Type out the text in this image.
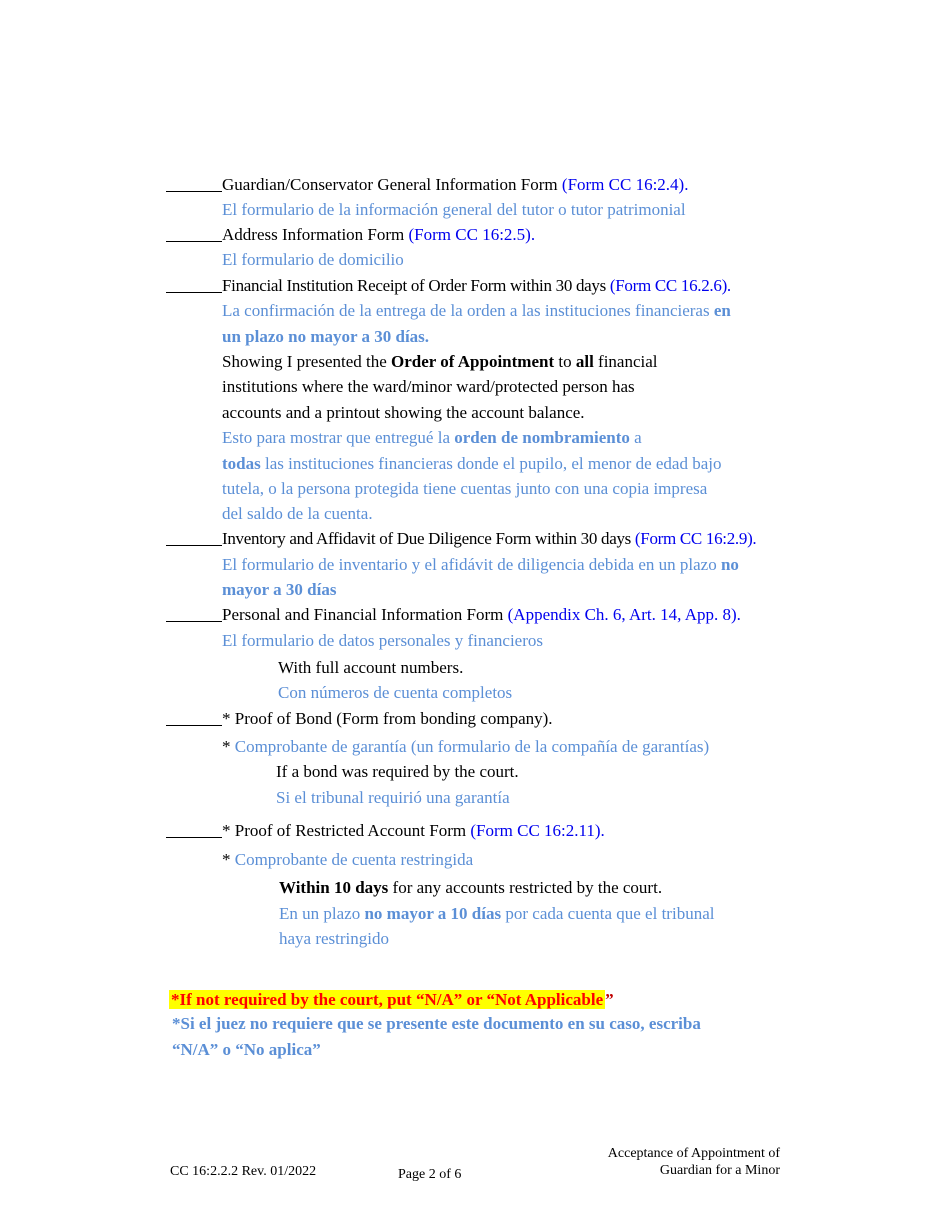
Guardian/Conservator General Information Form (Form CC 16:2.4).
El formulario de la información general del tutor o tutor patrimonial
Address Information Form (Form CC 16:2.5).
El formulario de domicilio
Financial Institution Receipt of Order Form within 30 days (Form CC 16.2.6).
La confirmación de la entrega de la orden a las instituciones financieras en
un plazo no mayor a 30 días.
Showing I presented the Order of Appointment to all financial
institutions where the ward/minor ward/protected person has
accounts and a printout showing the account balance.
Esto para mostrar que entregué la orden de nombramiento a
todas las instituciones financieras donde el pupilo, el menor de edad bajo
tutela, o la persona protegida tiene cuentas junto con una copia impresa
del saldo de la cuenta.
Inventory and Affidavit of Due Diligence Form within 30 days (Form CC 16:2.9).
El formulario de inventario y el afidávit de diligencia debida en un plazo no
mayor a 30 días
Personal and Financial Information Form (Appendix Ch. 6, Art. 14, App. 8).
El formulario de datos personales y financieros
With full account numbers.
Con números de cuenta completos
* Proof of Bond (Form from bonding company).
* Comprobante de garantía (un formulario de la compañía de garantías)
If a bond was required by the court.
Si el tribunal requirió una garantía
* Proof of Restricted Account Form (Form CC 16:2.11).
* Comprobante de cuenta restringida
Within 10 days for any accounts restricted by the court.
En un plazo no mayor a 10 días por cada cuenta que el tribunal
haya restringido
*If not required by the court, put “N/A” or “Not Applicable ”
*Si el juez no requiere que se presente este documento en su caso, escriba
“N/A” o “No aplica”
CC 16:2.2.2 Rev. 01/2022	Page 2 of 6
Acceptance of Appointment of
Guardian for a Minor
